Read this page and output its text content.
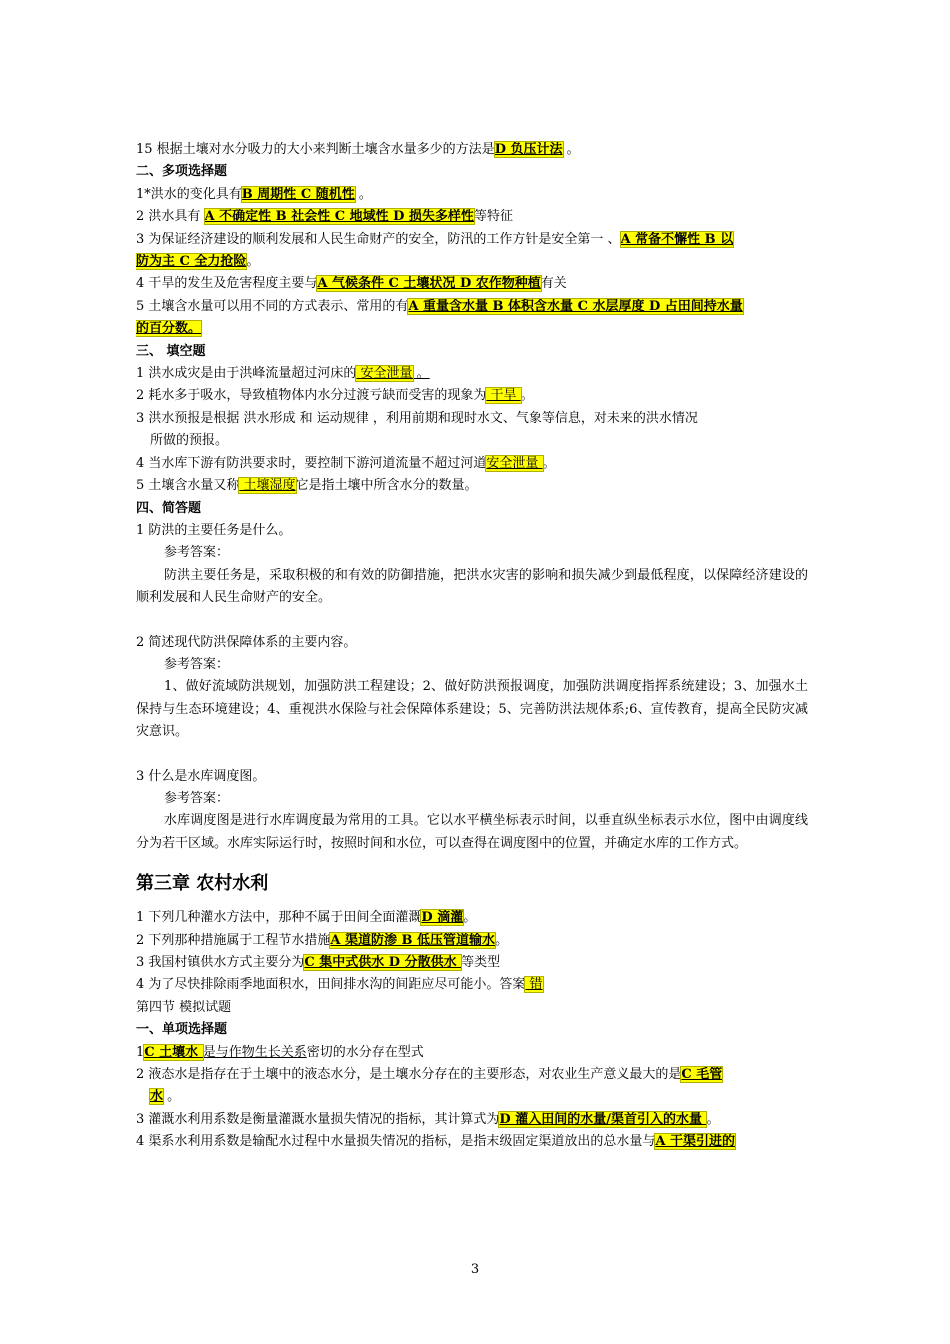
15 根据土壤对水分吸力的大小来判断土壤含水量多少的方法是D 负压计法 。
二、多项选择题
1*洪水的变化具有B 周期性 C 随机性 。
2 洪水具有 A 不确定性 B 社会性 C 地域性 D 损失多样性等特征
3 为保证经济建设的顺利发展和人民生命财产的安全，防汛的工作方针是安全第一 、A 常备不懈性 B 以
防为主 C 全力抢险。
4 干旱的发生及危害程度主要与A 气候条件 C 土壤状况 D 农作物种植有关
5 土壤含水量可以用不同的方式表示、常用的有A 重量含水量 B 体积含水量 C 水层厚度 D 占田间持水量
的百分数。
三、 填空题
1 洪水成灾是由于洪峰流量超过河床的 安全泄量 。
2 耗水多于吸水，导致植物体内水分过渡亏缺而受害的现象为 干旱 。
3 洪水预报是根据 洪水形成 和 运动规律 ，利用前期和现时水文、气象等信息，对未来的洪水情况
所做的预报。
4 当水库下游有防洪要求时，要控制下游河道流量不超过河道安全泄量 。
5 土壤含水量又称 土壤湿度它是指土壤中所含水分的数量。
四、简答题
1 防洪的主要任务是什么。
参考答案：
防洪主要任务是，采取积极的和有效的防御措施，把洪水灾害的影响和损失减少到最低程度，以保障经济建设的顺利发展和人民生命财产的安全。
2 简述现代防洪保障体系的主要内容。
参考答案：
1、做好流域防洪规划，加强防洪工程建设；2、做好防洪预报调度，加强防洪调度指挥系统建设；3、加强水土保持与生态环境建设；4、重视洪水保险与社会保障体系建设；5、完善防洪法规体系;6、宣传教育，提高全民防灾减灾意识。
3 什么是水库调度图。
参考答案：
水库调度图是进行水库调度最为常用的工具。它以水平横坐标表示时间，以垂直纵坐标表示水位，图中由调度线分为若干区域。水库实际运行时，按照时间和水位，可以查得在调度图中的位置，并确定水库的工作方式。
第三章 农村水利
1 下列几种灌水方法中，那种不属于田间全面灌溉D 滴灌。
2 下列那种措施属于工程节水措施A 渠道防渗 B 低压管道输水。
3 我国村镇供水方式主要分为C 集中式供水 D 分散供水 等类型
4 为了尽快排除雨季地面积水，田间排水沟的间距应尽可能小。答案 错
第四节 模拟试题
一、单项选择题
1C 土壤水 是与作物生长关系密切的水分存在型式
2 液态水是指存在于土壤中的液态水分，是土壤水分存在的主要形态，对农业生产意义最大的是C 毛管
水 。
3 灌溉水利用系数是衡量灌溉水量损失情况的指标，其计算式为D 灌入田间的水量/渠首引入的水量 。
4 渠系水利用系数是输配水过程中水量损失情况的指标，是指末级固定渠道放出的总水量与A 干渠引进的
3
